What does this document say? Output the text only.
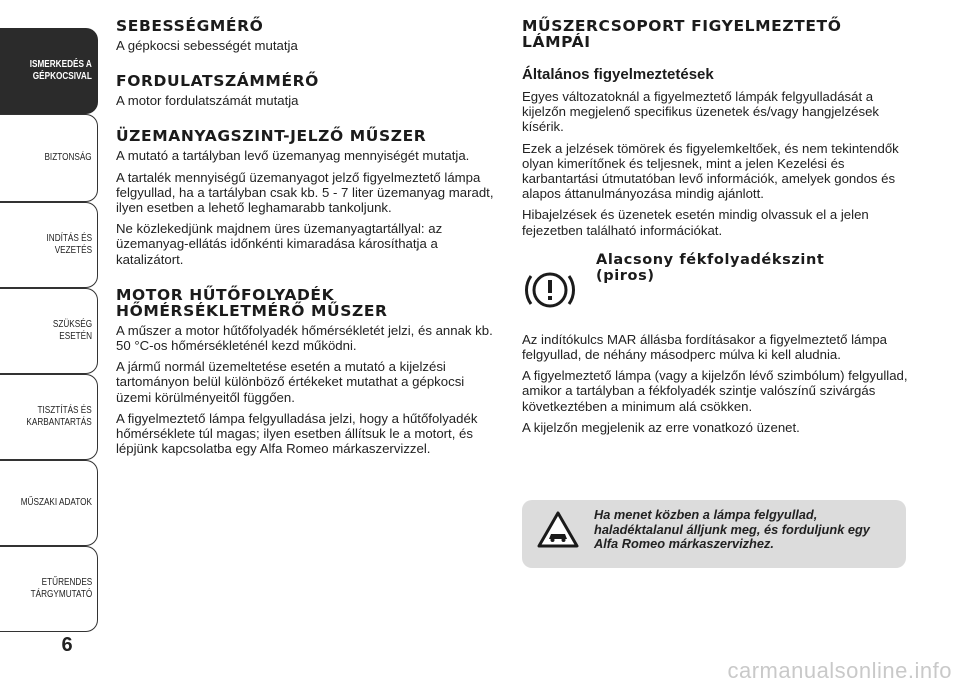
ISMERKEDÉS A
GÉPKOCSIVAL
BIZTONSÁG
INDÍTÁS ÉS VEZETÉS
SZÜKSÉG ESETÉN
TISZTÍTÁS ÉS
KARBANTARTÁS
MŰSZAKI ADATOK
ETŰRENDES
TÁRGYMUTATÓ
6
SEBESSÉGMÉRŐ

A gépkocsi sebességét mutatja

FORDULATSZÁMMÉRŐ

A motor fordulatszámát mutatja

ÜZEMANYAGSZINT-JELZŐ MŰSZER

A mutató a tartályban levő üzemanyag mennyiségét mutatja.

A tartalék mennyiségű üzemanyagot jelző figyelmeztető lámpa felgyullad, ha a tartályban csak kb. 5 - 7 liter üzemanyag maradt, ilyen esetben a lehető leghamarabb tankoljunk.

Ne közlekedjünk majdnem üres üzemanyagtartállyal: az üzemanyag-ellátás időnkénti kimaradása károsíthatja a katalizátort.

MOTOR HŰTŐFOLYADÉK HŐMÉRSÉKLETMÉRŐ MŰSZER

A műszer a motor hűtőfolyadék hőmérsékletét jelzi, és annak kb. 50 °C-os hőmérsékleténél kezd működni.

A jármű normál üzemeltetése esetén a mutató a kijelzési tartományon belül különböző értékeket mutathat a gépkocsi üzemi körülményeitől függően.

A figyelmeztető lámpa felgyulladása jelzi, hogy a hűtőfolyadék hőmérséklete túl magas; ilyen esetben állítsuk le a motort, és lépjünk kapcsolatba egy Alfa Romeo márkaszervizzel.

MŰSZERCSOPORT FIGYELMEZTETŐ LÁMPÁI
Általános figyelmeztetések

Egyes változatoknál a figyelmeztető lámpák felgyulladását a kijelzőn megjelenő specifikus üzenetek és/vagy hangjelzések kísérik.

Ezek a jelzések tömörek és figyelemkeltőek, és nem tekintendők olyan kimerítőnek és teljesnek, mint a jelen Kezelési és karbantartási útmutatóban levő információk, amelyek gondos és alapos áttanulmányozása mindig ajánlott.

Hibajelzések és üzenetek esetén mindig olvassuk el a jelen fejezetben található információkat.

Alacsony fékfolyadékszint (piros)

Az indítókulcs MAR állásba fordításakor a figyelmeztető lámpa felgyullad, de néhány másodperc múlva ki kell aludnia.

A figyelmeztető lámpa (vagy a kijelzőn lévő szimbólum) felgyullad, amikor a tartályban a fékfolyadék szintje valószínű szivárgás következtében a minimum alá csökken.

A kijelzőn megjelenik az erre vonatkozó üzenet.

Ha menet közben a lámpa felgyullad, haladéktalanul álljunk meg, és forduljunk egy Alfa Romeo márkaszervizhez.
carmanualsonline.info
